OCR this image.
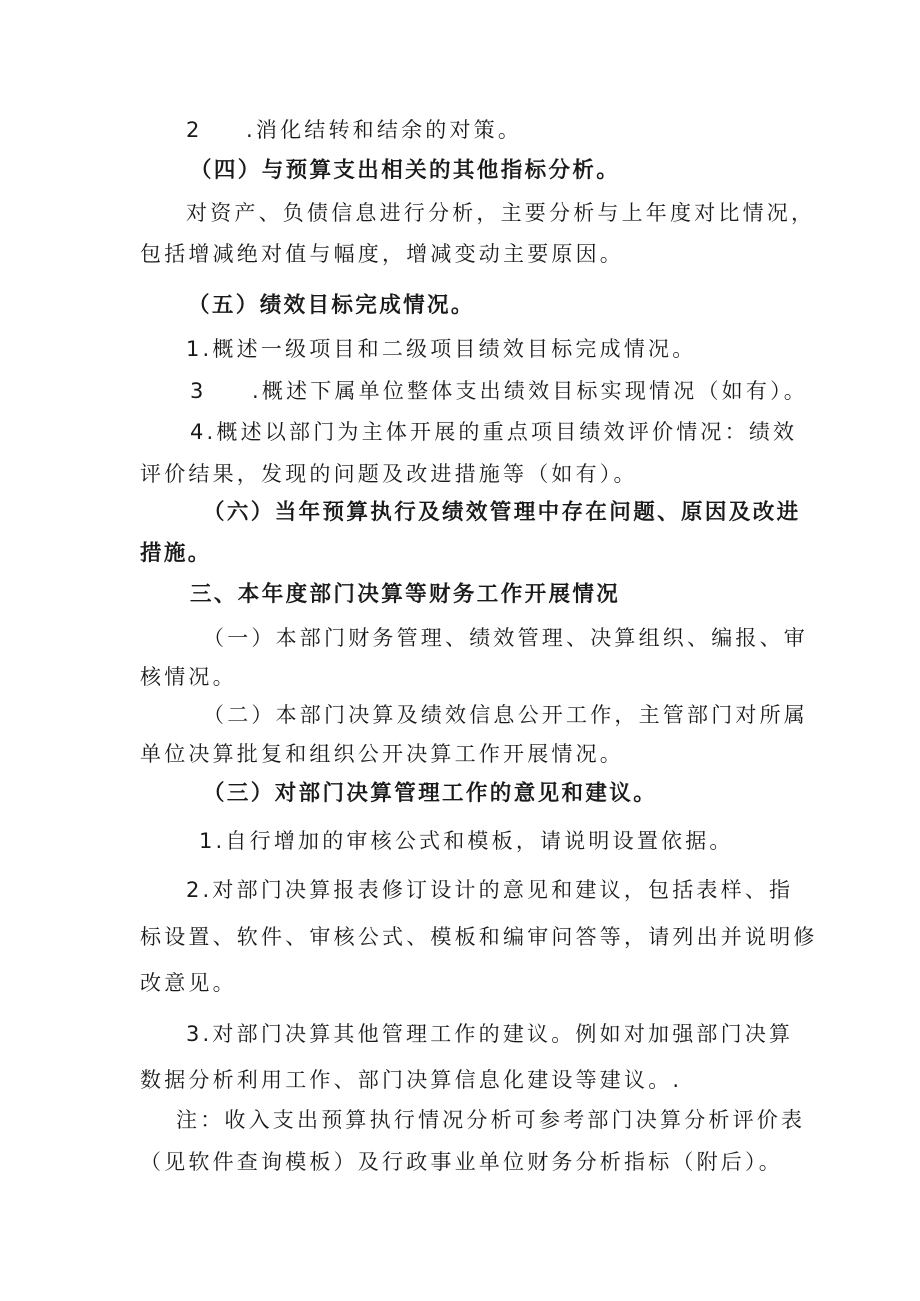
2 .消化结转和结余的对策。
（四）与预算支出相关的其他指标分析。
对资产、负债信息进行分析，主要分析与上年度对比情况，
包括增减绝对值与幅度，增减变动主要原因。
（五）绩效目标完成情况。
1.概述一级项目和二级项目绩效目标完成情况。
3 .概述下属单位整体支出绩效目标实现情况（如有）。
4.概述以部门为主体开展的重点项目绩效评价情况：绩效
评价结果，发现的问题及改进措施等（如有）。
（六）当年预算执行及绩效管理中存在问题、原因及改进
措施。
三、本年度部门决算等财务工作开展情况
（一）本部门财务管理、绩效管理、决算组织、编报、审
核情况。
（二）本部门决算及绩效信息公开工作，主管部门对所属
单位决算批复和组织公开决算工作开展情况。
（三）对部门决算管理工作的意见和建议。
1.自行增加的审核公式和模板，请说明设置依据。
2.对部门决算报表修订设计的意见和建议，包括表样、指
标设置、软件、审核公式、模板和编审问答等，请列出并说明修
改意见。
3.对部门决算其他管理工作的建议。例如对加强部门决算
数据分析利用工作、部门决算信息化建设等建议。.
注：收入支出预算执行情况分析可参考部门决算分析评价表
（见软件查询模板）及行政事业单位财务分析指标（附后）。
